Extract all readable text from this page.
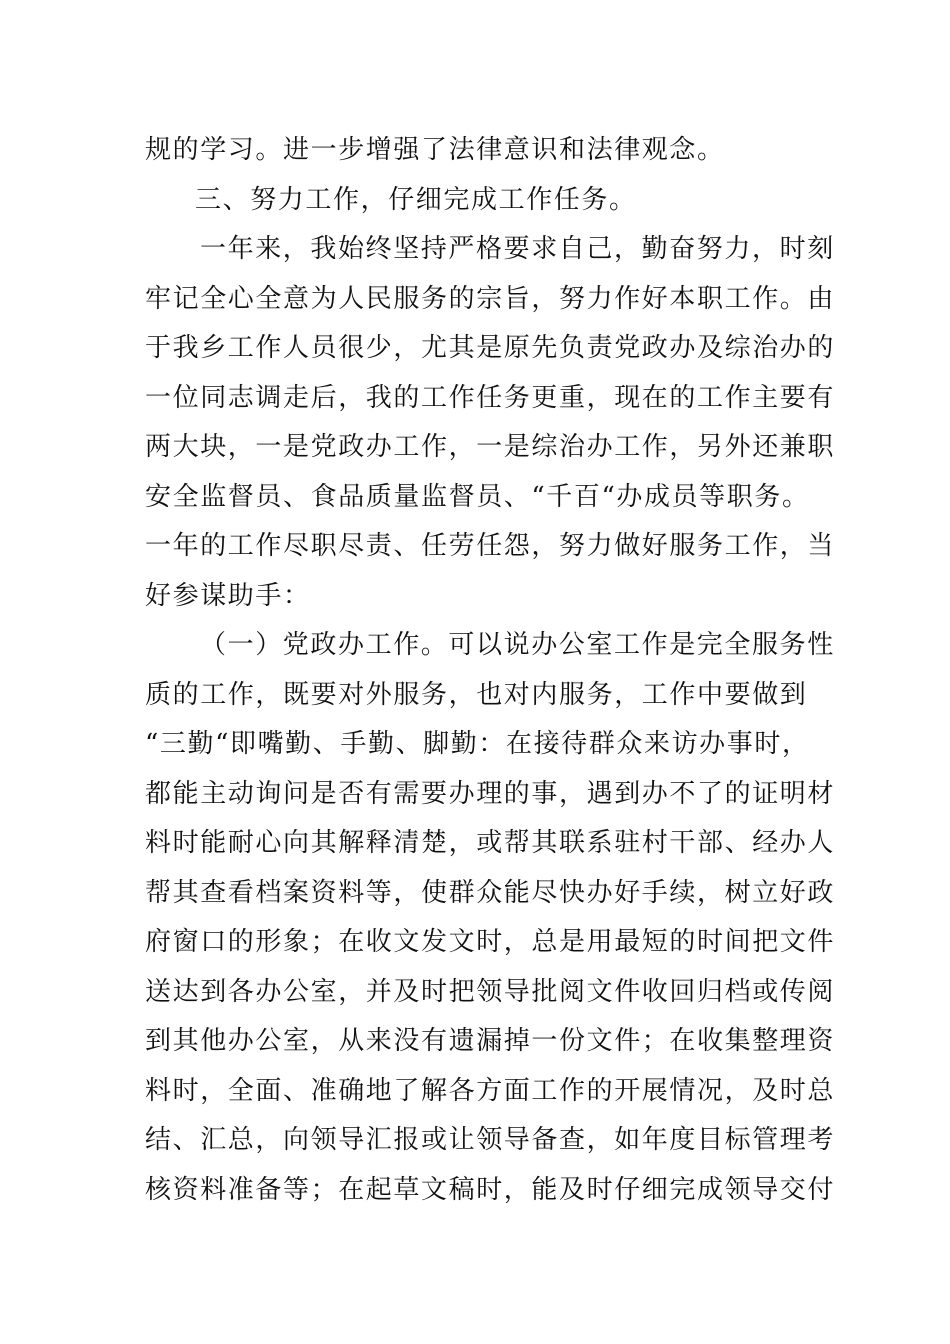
规的学习。进一步增强了法律意识和法律观念。
三、努力工作，仔细完成工作任务。
一年来，我始终坚持严格要求自己，勤奋努力，时刻
牢记全心全意为人民服务的宗旨，努力作好本职工作。由
于我乡工作人员很少，尤其是原先负责党政办及综治办的
一位同志调走后，我的工作任务更重，现在的工作主要有
两大块，一是党政办工作，一是综治办工作，另外还兼职
安全监督员、食品质量监督员、“千百“办成员等职务。
一年的工作尽职尽责、任劳任怨，努力做好服务工作，当
好参谋助手：
（一）党政办工作。可以说办公室工作是完全服务性
质的工作，既要对外服务，也对内服务，工作中要做到
“三勤“即嘴勤、手勤、脚勤：在接待群众来访办事时，
都能主动询问是否有需要办理的事，遇到办不了的证明材
料时能耐心向其解释清楚，或帮其联系驻村干部、经办人
帮其查看档案资料等，使群众能尽快办好手续，树立好政
府窗口的形象；在收文发文时，总是用最短的时间把文件
送达到各办公室，并及时把领导批阅文件收回归档或传阅
到其他办公室，从来没有遗漏掉一份文件；在收集整理资
料时，全面、准确地了解各方面工作的开展情况，及时总
结、汇总，向领导汇报或让领导备查，如年度目标管理考
核资料准备等；在起草文稿时，能及时仔细完成领导交付
